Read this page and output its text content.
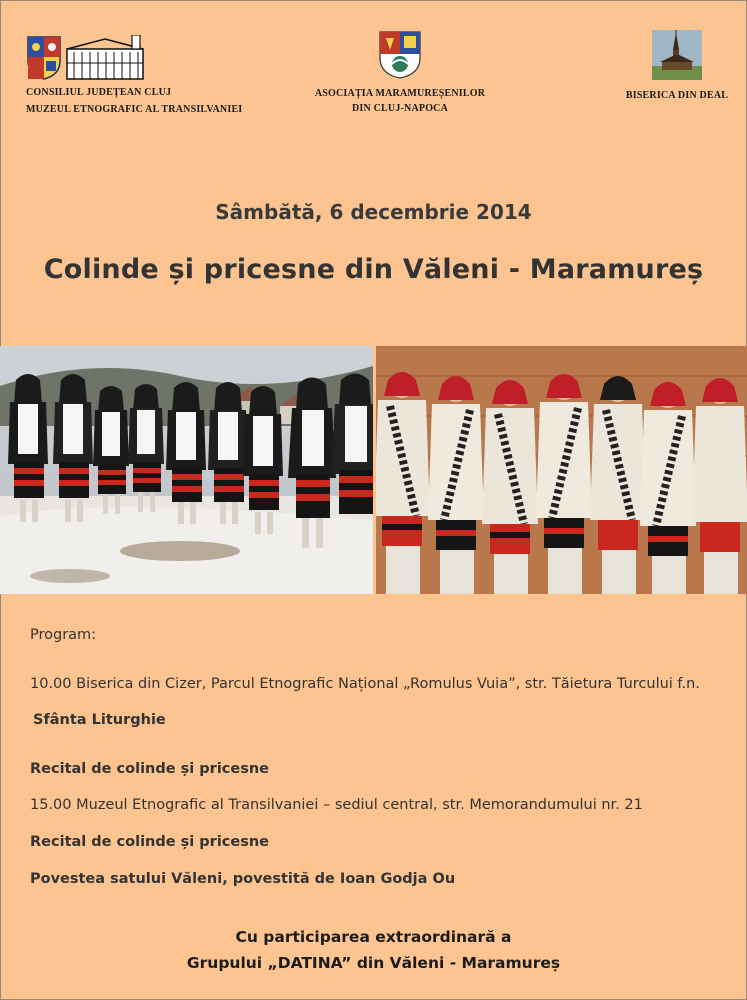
CONSILIUL JUDEȚEAN CLUJ
MUZEUL ETNOGRAFIC AL TRANSILVANIEI
ASOCIAȚIA MARAMUREȘENILOR
DIN CLUJ-NAPOCA
BISERICA DIN DEAL
Sâmbătă, 6 decembrie 2014
Colinde și pricesne din Văleni - Maramureș
Program:
10.00 Biserica din Cizer, Parcul Etnografic Național „Romulus Vuia”, str. Tăietura Turcului f.n.
Sfânta Liturghie
Recital de colinde și pricesne
15.00 Muzeul Etnografic al Transilvaniei – sediul central, str. Memorandumului nr. 21
Recital de colinde și pricesne
Povestea satului Văleni, povestită de Ioan Godja Ou
Cu participarea extraordinară a
Grupului „DATINA” din Văleni - Maramureș
